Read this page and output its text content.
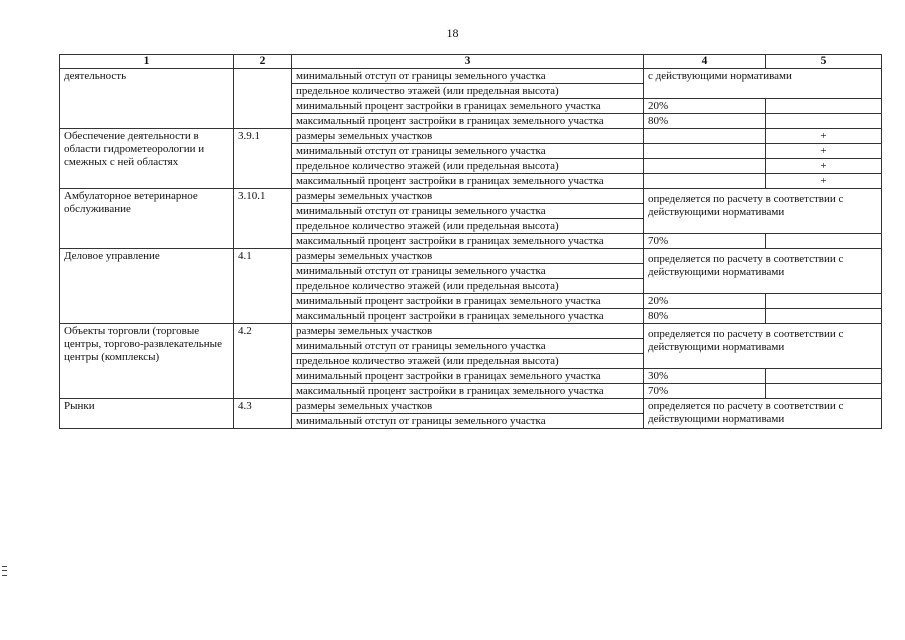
18
1	2	3	4	5
деятельность		минимальный отступ от границы земельного участка	с действующими нормативами	
		предельное количество этажей (или предельная высота)		
		минимальный процент застройки в границах земельного участка	20%	
		максимальный процент застройки в границах земельного участка	80%	
Обеспечение деятельности в области гидрометеорологии и смежных с ней областях	3.9.1	размеры земельных участков		+
		минимальный отступ от границы земельного участка		+
		предельное количество этажей (или предельная высота)		+
		максимальный процент застройки в границах земельного участка		+
Амбулаторное ветеринарное обслуживание	3.10.1	размеры земельных участков	определяется по расчету в соответствии с действующими нормативами	
		минимальный отступ от границы земельного участка		
		предельное количество этажей (или предельная высота)		
		максимальный процент застройки в границах земельного участка	70%	
Деловое управление	4.1	размеры земельных участков	определяется по расчету в соответствии с действующими нормативами	
		минимальный отступ от границы земельного участка		
		предельное количество этажей (или предельная высота)		
		минимальный процент застройки в границах земельного участка	20%	
		максимальный процент застройки в границах земельного участка	80%	
Объекты торговли (торговые центры, торгово-развлекательные центры (комплексы)	4.2	размеры земельных участков	определяется по расчету в соответствии с действующими нормативами	
		минимальный отступ от границы земельного участка		
		предельное количество этажей (или предельная высота)		
		минимальный процент застройки в границах земельного участка	30%	
		максимальный процент застройки в границах земельного участка	70%	
Рынки	4.3	размеры земельных участков	определяется по расчету в соответствии с действующими нормативами	
		минимальный отступ от границы земельного участка		
